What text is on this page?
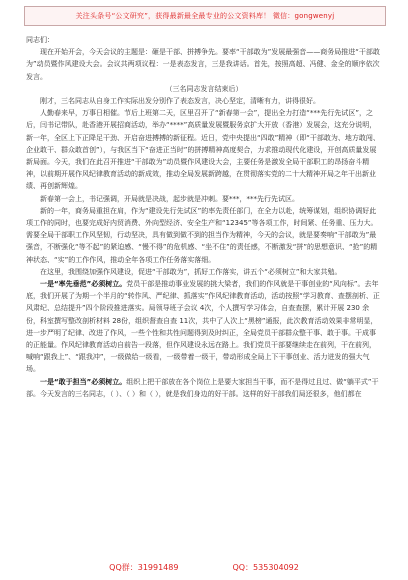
关注头条号“公文研究”，获得最新最全最专业的公文资料库！ 微信：gongwenyj

同志们：

现在开始开会，今天会议的主题是：砸是干部、拼搏争先。要率“干部敢为”发展最强音——商务局推进“干部敢为”动员暨作风建设大会。会议共两项议程：一是表态发言，三是我讲话。首先，按照高超、冯健、金全的顺序依次发言。

（三名同志发言结束后）

刚才，三名同志从自身工作实际出发分别作了表态发言，决心坚定，清晰有力，讲得很好。

人勤春来早，万事日相催。节后上班第二天，区里召开了“新春第一会”，提出全力打造“***先行先试区”，之后，闫书记带队，赴香港开展招商活动，举办“****”高质量发展暨服务京扩大开放（香港）发展会，这充分说明，新一年，全区上下正降足干劲、开启奋进搏搏的新征程。近日，党中央提出“四敢”精神（即“干部敢为、地方敢闯、企业敢干、群众敢首创”），与我区当下“奋进正当时”的拼搏精神高度契合，力求推动现代化建设，开创高质量发展新局面。今天，我们在此召开推进“干部敢为”动员暨作风建设大会，主要任务是激发全局干部职工的昂扬奋斗精神，以前期开展作风纪律教育活动的新成效，推动全局发展新跨越，在贯彻落实党的二十大精神开局之年干出新业绩、再创新辉煌。

新春第一会上，书记强调，开局就是决战，起步就是冲刺。要***，***先行先试区。

新的一年，商务局重担在肩，作为“建设先行先试区”的率先责任部门，在全力以赴，统筹谋划，组织协调好此项工作的同时，也要完成好内贸消费、外向型经济、安全生产和“12345”等各项工作，时间紧、任务重、压力大。需要全局干部职工作风坚韧，行动坚决，具有做到做不到的担当作为精神，今天的会议，就是要奏响“干部敢为”最强音，不断强化“等不起”的紧迫感、“慢不得”的危机感、“坐不住”的责任感，不断激发“拼”的思想意识、“抢”的精神状态、“实”的工作作风，推动全年各项工作任务落实落细。

在这里，我围绕加强作风建设，促进“干部敢为”，抓好工作落实，讲五个“必须树立”和大家共勉。

一是“率先垂范”必须树立。党员干部是推动事业发展的挑大梁者，我们的作风就是干事创业的“风向标”。去年底，我们开展了为期一个半月的“转作风、严纪律、抓落实”作风纪律教育活动，活动按照“学习教育、查摆剖析、正风肃纪、总结提升”四个阶段推进落实。局领导班子会议 4次，个人撰写学习体会，自查查摆，累计开展 230 余份，科室撰写整改剖析材料 28份，组织督查自查 11次，共中了人次上“黑榜”通报，此次教育活动效果非常明显，进一步严明了纪律、改进了作风，一些个性和共性问题得到及时纠正，全局党员干部群众整干事、敢于事。干成事的正能量。作风纪律教育活动自前告一段落，但作风建设永远在路上。我们党员干部要继续走在前列，干在前列，喊响“跟我上”、“跟我冲”，一级做给一级看，一级带着一级干，带动形成全局上下干事创业、活力迸发的强大气场。

一是“敢于担当”必须树立。组织上把干部放在各个岗位上是要大家担当干事，而不是得过且过、做“躺平式”干部。今天发言的三名同志，（ ）、（ ）和（ ），就是我们身边的好干部。这样的好干部我们局还很多，他们都在

QQ群：31991489	QQ：535304092
